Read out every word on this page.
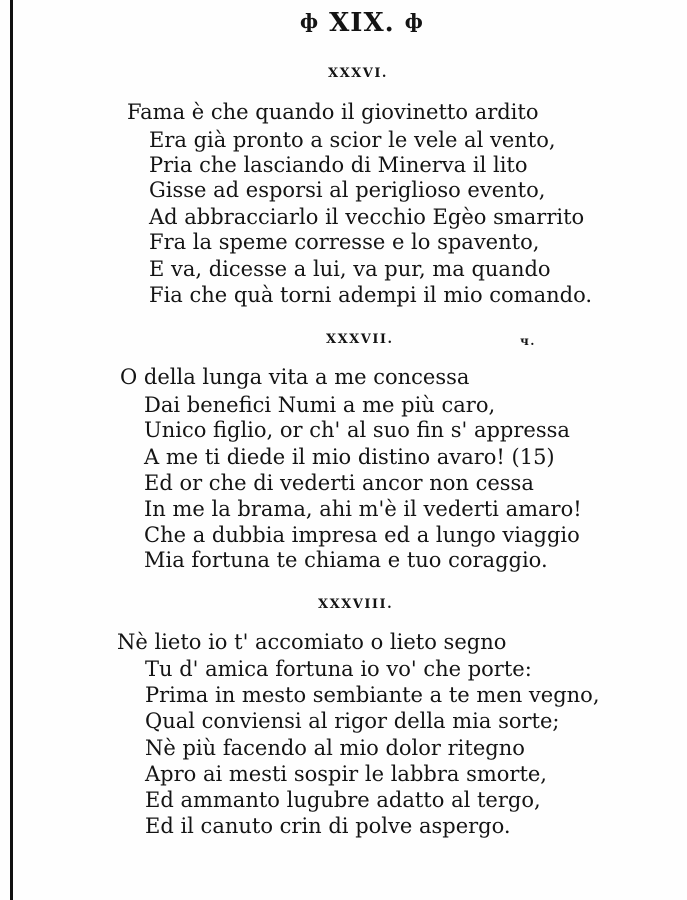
ф XIX. ф
XXXVI.
Fama è che quando il giovinetto ardito
Era già pronto a scior le vele al vento,
Pria che lasciando di Minerva il lito
Gisse ad esporsi al periglioso evento,
Ad abbracciarlo il vecchio Egèo smarrito
Fra la speme corresse e lo spavento,
E va, dicesse a lui, va pur, ma quando
Fia che quà torni adempi il mio comando.
XXXVII.	ч.
O della lunga vita a me concessa
Dai benefici Numi a me più caro,
Unico figlio, or ch' al suo fin s' appressa
A me ti diede il mio distino avaro! (15)
Ed or che di vederti ancor non cessa
In me la brama, ahi m'è il vederti amaro!
Che a dubbia impresa ed a lungo viaggio
Mia fortuna te chiama e tuo coraggio.
XXXVIII.
Nè lieto io t' accomiato o lieto segno
Tu d' amica fortuna io vo' che porte:
Prima in mesto sembiante a te men vegno,
Qual conviensi al rigor della mia sorte;
Nè più facendo al mio dolor ritegno
Apro ai mesti sospir le labbra smorte,
Ed ammanto lugubre adatto al tergo,
Ed il canuto crin di polve aspergo.
